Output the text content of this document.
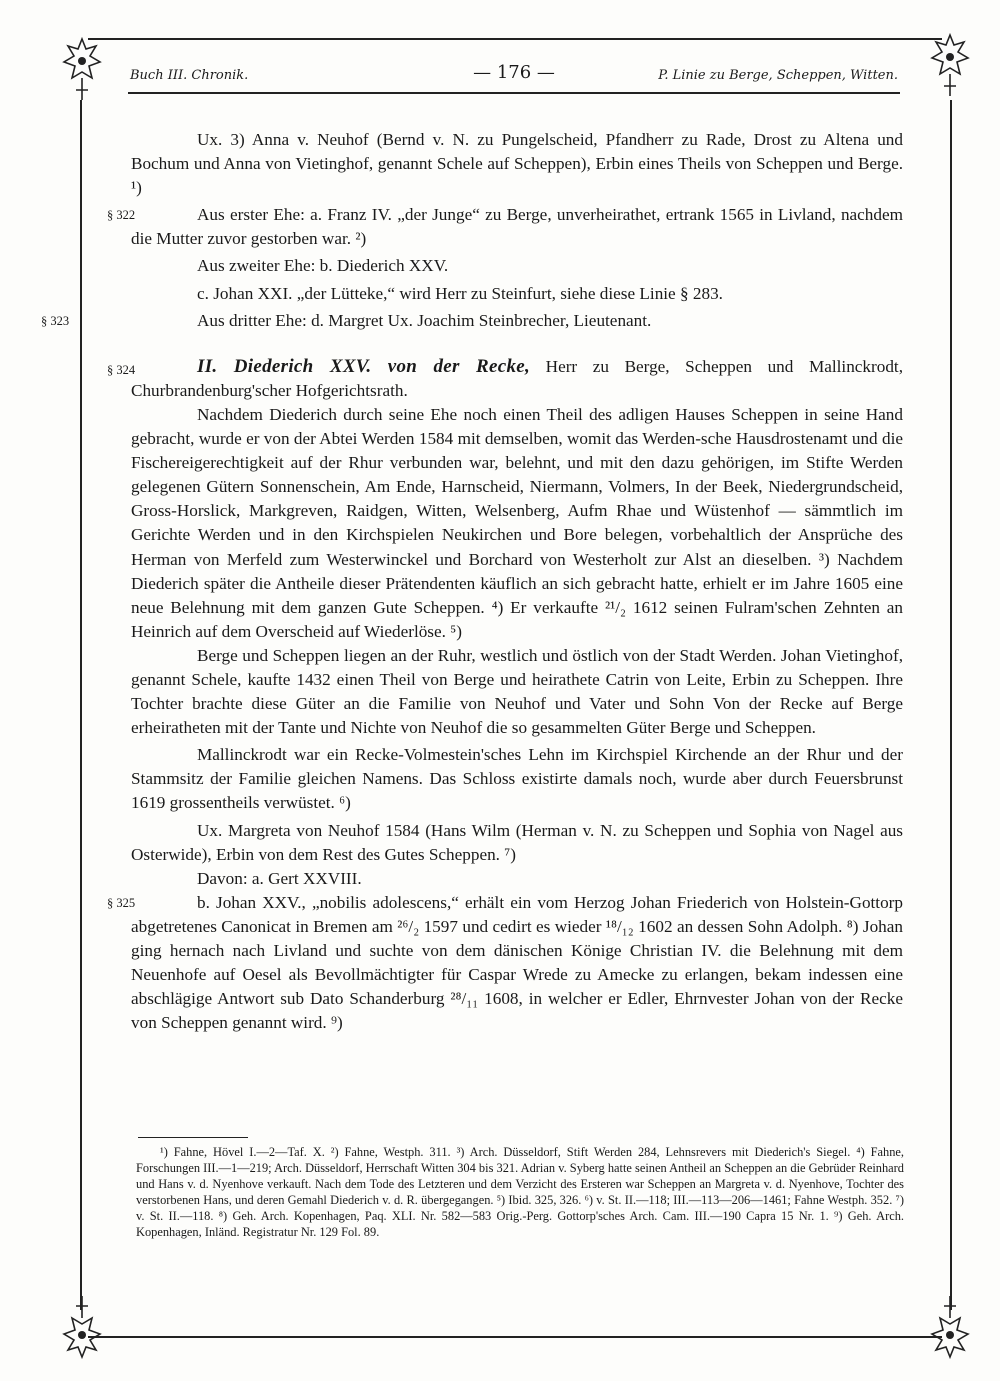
Buch III. Chronik.	— 176 —	P. Linie zu Berge, Scheppen, Witten.

Ux. 3) Anna v. Neuhof (Bernd v. N. zu Pungelscheid, Pfandherr zu Rade, Drost zu Altena und Bochum und Anna von Vietinghof, genannt Schele auf Scheppen), Erbin eines Theils von Scheppen und Berge. ¹)

§ 322	Aus erster Ehe: a. Franz IV. „der Junge“ zu Berge, unverheirathet, ertrank 1565 in Livland, nachdem die Mutter zuvor gestorben war. ²)

Aus zweiter Ehe: b. Diederich XXV.

c. Johan XXI. „der Lütteke,“ wird Herr zu Steinfurt, siehe diese Linie § 283.

§ 323	Aus dritter Ehe: d. Margret Ux. Joachim Steinbrecher, Lieutenant.

§ 324	II. Diederich XXV. von der Recke, Herr zu Berge, Scheppen und Mallinckrodt, Churbrandenburg'scher Hofgerichtsrath.

Nachdem Diederich durch seine Ehe noch einen Theil des adligen Hauses Scheppen in seine Hand gebracht, wurde er von der Abtei Werden 1584 mit demselben, womit das Werden-sche Hausdrostenamt und die Fischereigerechtigkeit auf der Rhur verbunden war, belehnt, und mit den dazu gehörigen, im Stifte Werden gelegenen Gütern Sonnenschein, Am Ende, Harnscheid, Niermann, Volmers, In der Beek, Niedergrundscheid, Gross-Horslick, Markgreven, Raidgen, Witten, Welsenberg, Aufm Rhae und Wüstenhof — sämmtlich im Gerichte Werden und in den Kirchspielen Neukirchen und Bore belegen, vorbehaltlich der Ansprüche des Herman von Merfeld zum Westerwinckel und Borchard von Westerholt zur Alst an dieselben. ³) Nachdem Diederich später die Antheile dieser Prätendenten käuflich an sich gebracht hatte, erhielt er im Jahre 1605 eine neue Belehnung mit dem ganzen Gute Scheppen. ⁴) Er verkaufte ²¹/₂ 1612 seinen Fulram'schen Zehnten an Heinrich auf dem Overscheid auf Wiederlöse. ⁵)

Berge und Scheppen liegen an der Ruhr, westlich und östlich von der Stadt Werden. Johan Vietinghof, genannt Schele, kaufte 1432 einen Theil von Berge und heirathete Catrin von Leite, Erbin zu Scheppen. Ihre Tochter brachte diese Güter an die Familie von Neuhof und Vater und Sohn Von der Recke auf Berge erheiratheten mit der Tante und Nichte von Neuhof die so gesammelten Güter Berge und Scheppen.

Mallinckrodt war ein Recke-Volmestein'sches Lehn im Kirchspiel Kirchende an der Rhur und der Stammsitz der Familie gleichen Namens. Das Schloss existirte damals noch, wurde aber durch Feuersbrunst 1619 grossentheils verwüstet. ⁶)

Ux. Margreta von Neuhof 1584 (Hans Wilm (Herman v. N. zu Scheppen und Sophia von Nagel aus Osterwide), Erbin von dem Rest des Gutes Scheppen. ⁷)

Davon: a. Gert XXVIII.

§ 325	b. Johan XXV., „nobilis adolescens,“ erhält ein vom Herzog Johan Friederich von Holstein-Gottorp abgetretenes Canonicat in Bremen am ²⁶/₂ 1597 und cedirt es wieder ¹⁸/₁₂ 1602 an dessen Sohn Adolph. ⁸) Johan ging hernach nach Livland und suchte von dem dänischen Könige Christian IV. die Belehnung mit dem Neuenhofe auf Oesel als Bevollmächtigter für Caspar Wrede zu Amecke zu erlangen, bekam indessen eine abschlägige Antwort sub Dato Schanderburg ²⁸/₁₁ 1608, in welcher er Edler, Ehrnvester Johan von der Recke von Scheppen genannt wird. ⁹)

¹) Fahne, Hövel I.—2—Taf. X. ²) Fahne, Westph. 311. ³) Arch. Düsseldorf, Stift Werden 284, Lehnsrevers mit Diederich's Siegel. ⁴) Fahne, Forschungen III.—1—219; Arch. Düsseldorf, Herrschaft Witten 304 bis 321. Adrian v. Syberg hatte seinen Antheil an Scheppen an die Gebrüder Reinhard und Hans v. d. Nyenhove verkauft. Nach dem Tode des Letzteren und dem Verzicht des Ersteren war Scheppen an Margreta v. d. Nyenhove, Tochter des verstorbenen Hans, und deren Gemahl Diederich v. d. R. übergegangen. ⁵) Ibid. 325, 326. ⁶) v. St. II.—118; III.—113—206—1461; Fahne Westph. 352. ⁷) v. St. II.—118. ⁸) Geh. Arch. Kopenhagen, Paq. XLI. Nr. 582—583 Orig.-Perg. Gottorp'sches Arch. Cam. III.—190 Capra 15 Nr. 1. ⁹) Geh. Arch. Kopenhagen, Inländ. Registratur Nr. 129 Fol. 89.
